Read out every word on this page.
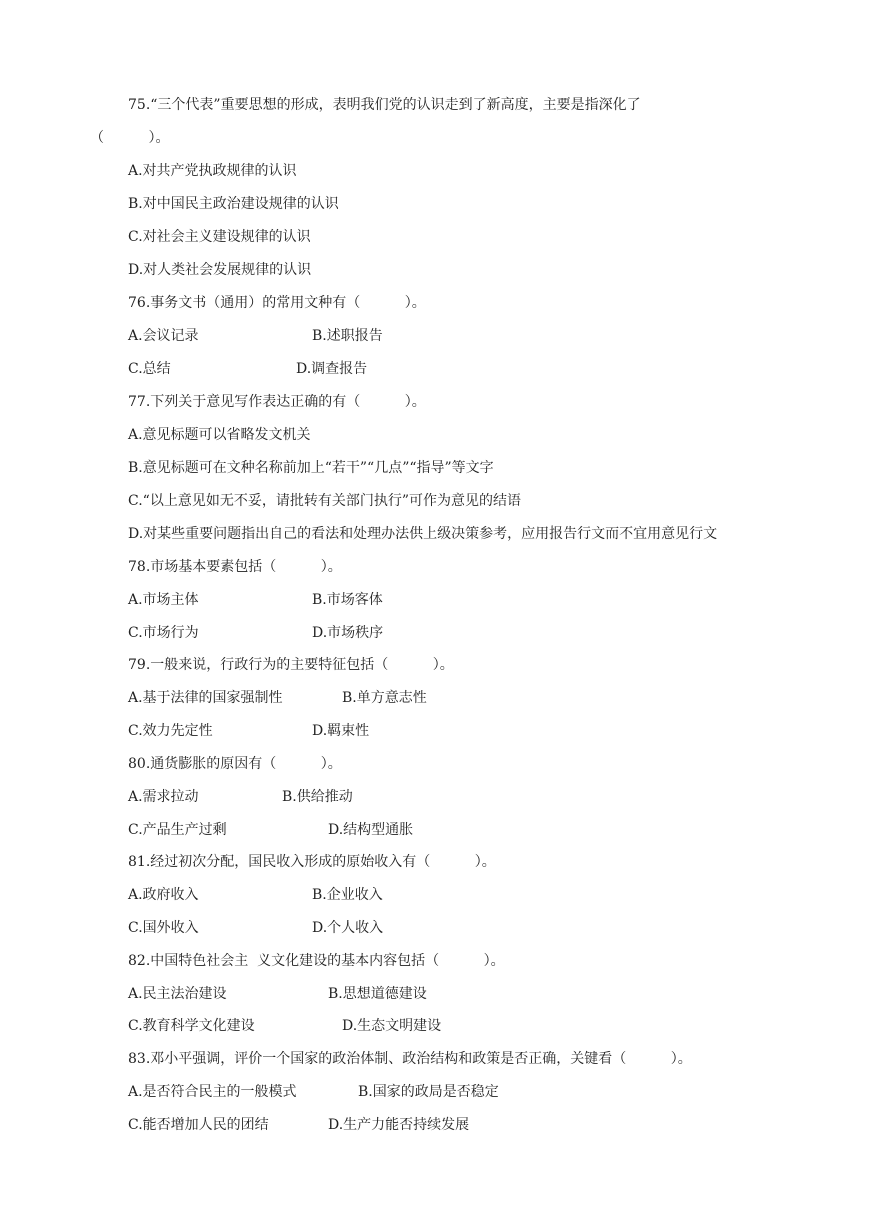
75.“三个代表”重要思想的形成，表明我们党的认识走到了新高度，主要是指深化了
（          ）。
A.对共产党执政规律的认识
B.对中国民主政治建设规律的认识
C.对社会主义建设规律的认识
D.对人类社会发展规律的认识
76.事务文书（通用）的常用文种有（          ）。
A.会议记录	B.述职报告
C.总结	D.调查报告
77.下列关于意见写作表达正确的有（          ）。
A.意见标题可以省略发文机关
B.意见标题可在文种名称前加上“若干”“几点”“指导”等文字
C.“以上意见如无不妥，请批转有关部门执行”可作为意见的结语
D.对某些重要问题指出自己的看法和处理办法供上级决策参考，应用报告行文而不宜用意见行文
78.市场基本要素包括（          ）。
A.市场主体	B.市场客体
C.市场行为	D.市场秩序
79.一般来说，行政行为的主要特征包括（          ）。
A.基于法律的国家强制性	B.单方意志性
C.效力先定性	D.羁束性
80.通货膨胀的原因有（          ）。
A.需求拉动	B.供给推动
C.产品生产过剩	D.结构型通胀
81.经过初次分配，国民收入形成的原始收入有（          ）。
A.政府收入	B.企业收入
C.国外收入	D.个人收入
82.中国特色社会主  义文化建设的基本内容包括（          ）。
A.民主法治建设	B.思想道德建设
C.教育科学文化建设	D.生态文明建设
83.邓小平强调，评价一个国家的政治体制、政治结构和政策是否正确，关键看（          ）。
A.是否符合民主的一般模式	B.国家的政局是否稳定
C.能否增加人民的团结	D.生产力能否持续发展
